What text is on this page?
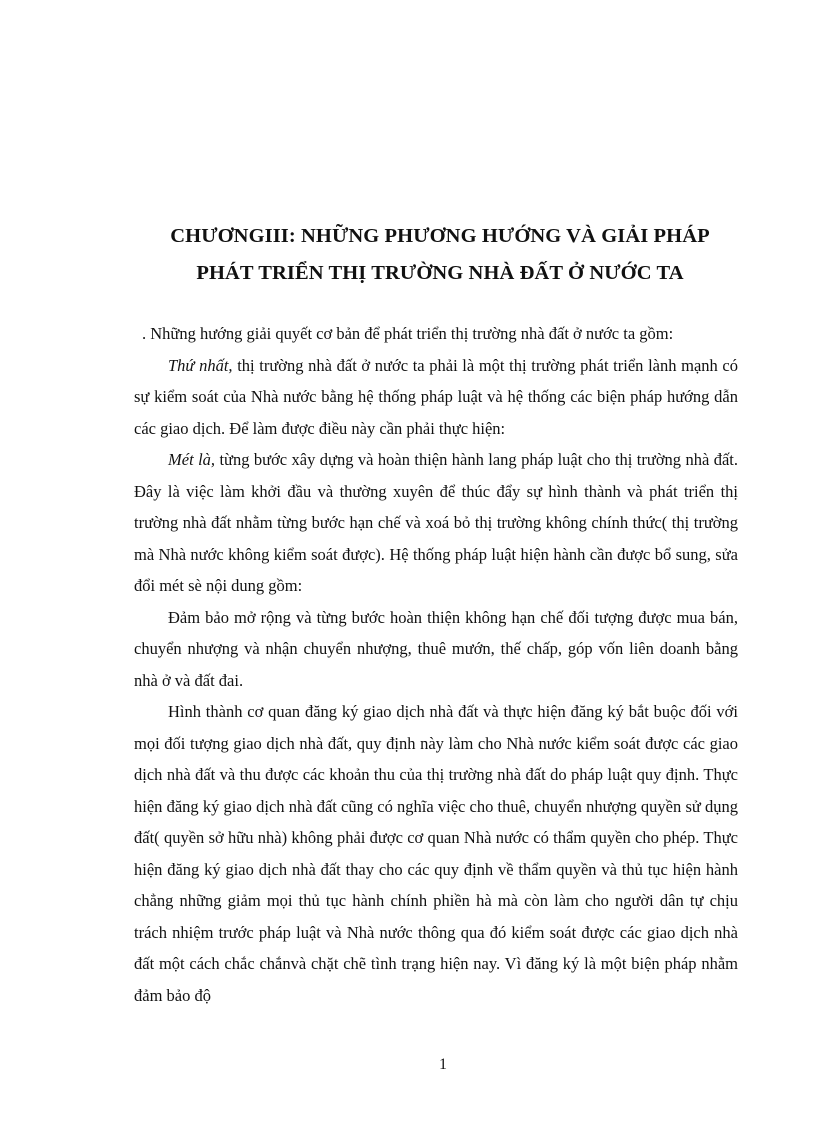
CHƯƠNGIII: NHỮNG PHƯƠNG HƯỚNG VÀ GIẢI PHÁP
PHÁT TRIỂN THỊ TRƯỜNG NHÀ ĐẤT Ở NƯỚC TA

. Những hướng giải quyết cơ bản để phát triển thị trường nhà đất ở nước ta gồm:

Thứ nhất, thị trường nhà đất ở nước ta phải là một thị trường phát triển lành mạnh có sự kiểm soát của Nhà nước bằng hệ thống pháp luật và hệ thống các biện pháp hướng dẫn các giao dịch. Để làm được điều này cần phải thực hiện:

Mét là, từng bước xây dựng và hoàn thiện hành lang pháp luật cho thị trường nhà đất. Đây là việc làm khởi đầu và thường xuyên để thúc đẩy sự hình thành và phát triển thị trường nhà đất nhằm từng bước hạn chế và xoá bỏ thị trường không chính thức( thị trường mà Nhà nước không kiểm soát được). Hệ thống pháp luật hiện hành cần được bổ sung, sửa đổi mét sè nội dung gồm:

Đảm bảo mở rộng và từng bước hoàn thiện không hạn chế đối tượng được mua bán, chuyển nhượng và nhận chuyển nhượng, thuê mướn, thế chấp, góp vốn liên doanh bằng nhà ở và đất đai.

Hình thành cơ quan đăng ký giao dịch nhà đất và thực hiện đăng ký bắt buộc đối với mọi đối tượng giao dịch nhà đất, quy định này làm cho Nhà nước kiểm soát được các giao dịch nhà đất và thu được các khoản thu của thị trường nhà đất do pháp luật quy định. Thực hiện đăng ký giao dịch nhà đất cũng có nghĩa việc cho thuê, chuyển nhượng quyền sử dụng đất( quyền sở hữu nhà) không phải được cơ quan Nhà nước có thẩm quyền cho phép. Thực hiện đăng ký giao dịch nhà đất thay cho các quy định về thẩm quyền và thủ tục hiện hành chẳng những giảm mọi thủ tục hành chính phiền hà mà còn làm cho người dân tự chịu trách nhiệm trước pháp luật và Nhà nước thông qua đó kiểm soát được các giao dịch nhà đất một cách chắc chắnvà chặt chẽ tình trạng hiện nay. Vì đăng ký là một biện pháp nhằm đảm bảo độ

1
